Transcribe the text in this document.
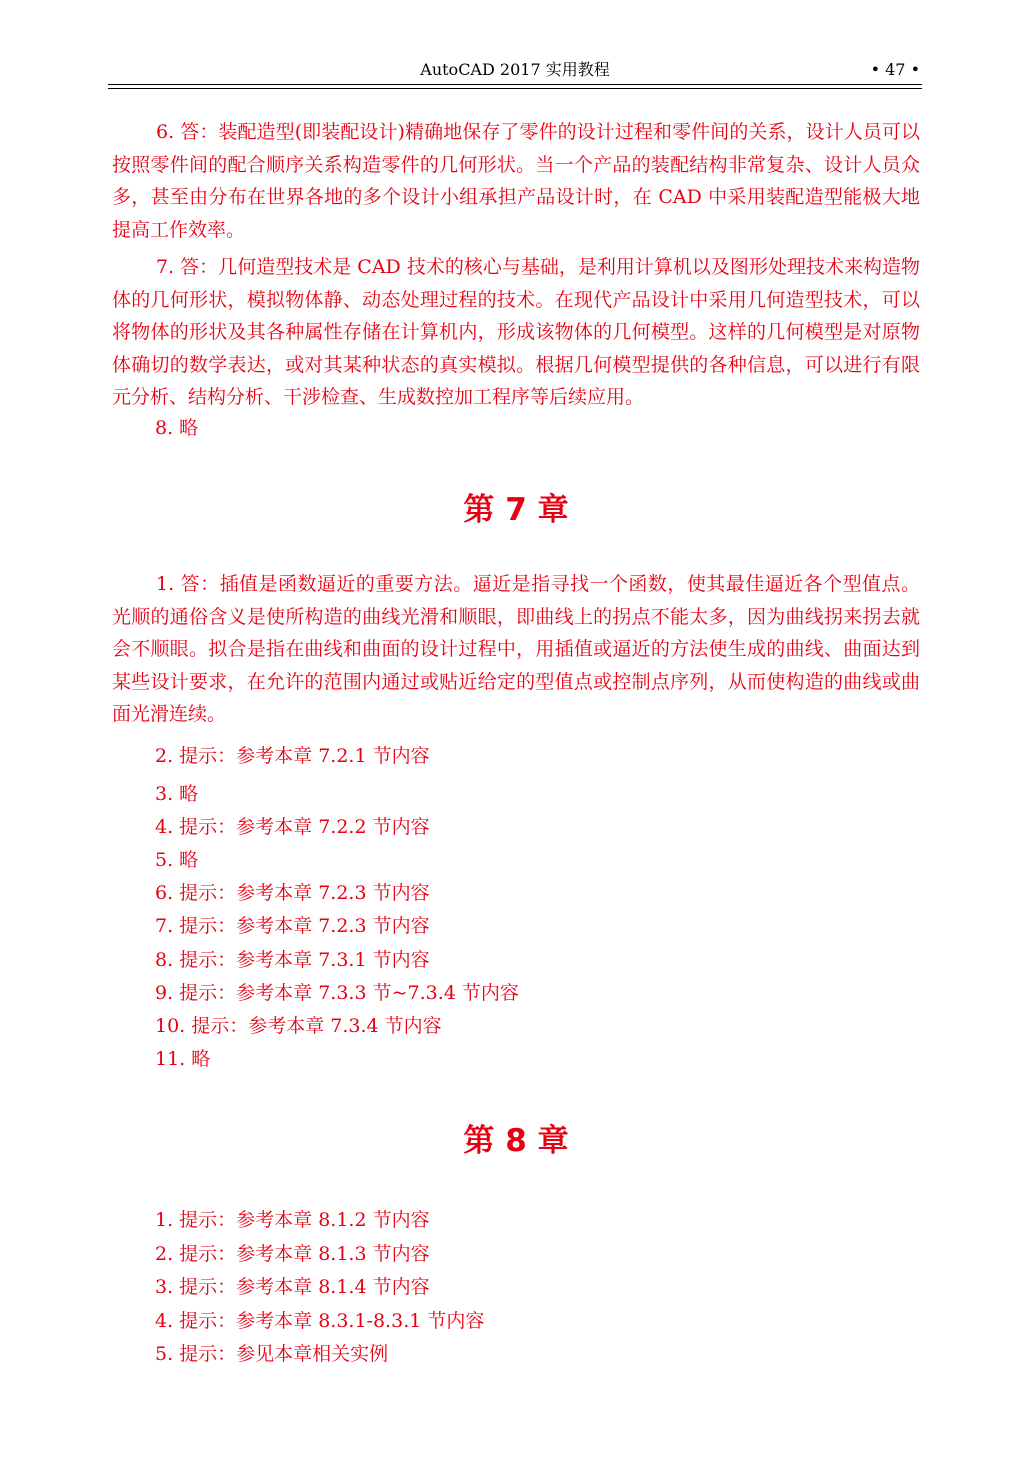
AutoCAD 2017 实用教程	• 47 •
6. 答：装配造型(即装配设计)精确地保存了零件的设计过程和零件间的关系，设计人员可以按照零件间的配合顺序关系构造零件的几何形状。当一个产品的装配结构非常复杂、设计人员众多，甚至由分布在世界各地的多个设计小组承担产品设计时，在 CAD 中采用装配造型能极大地提高工作效率。
7. 答：几何造型技术是 CAD 技术的核心与基础，是利用计算机以及图形处理技术来构造物体的几何形状，模拟物体静、动态处理过程的技术。在现代产品设计中采用几何造型技术，可以将物体的形状及其各种属性存储在计算机内，形成该物体的几何模型。这样的几何模型是对原物体确切的数学表达，或对其某种状态的真实模拟。根据几何模型提供的各种信息，可以进行有限元分析、结构分析、干涉检查、生成数控加工程序等后续应用。
8. 略
第 7 章
1. 答：插值是函数逼近的重要方法。逼近是指寻找一个函数，使其最佳逼近各个型值点。光顺的通俗含义是使所构造的曲线光滑和顺眼，即曲线上的拐点不能太多，因为曲线拐来拐去就会不顺眼。拟合是指在曲线和曲面的设计过程中，用插值或逼近的方法使生成的曲线、曲面达到某些设计要求，在允许的范围内通过或贴近给定的型值点或控制点序列，从而使构造的曲线或曲面光滑连续。
2. 提示：参考本章 7.2.1 节内容
3. 略
4. 提示：参考本章 7.2.2 节内容
5. 略
6. 提示：参考本章 7.2.3 节内容
7. 提示：参考本章 7.2.3 节内容
8. 提示：参考本章 7.3.1 节内容
9. 提示：参考本章 7.3.3 节~7.3.4 节内容
10. 提示：参考本章 7.3.4 节内容
11. 略
第 8 章
1. 提示：参考本章 8.1.2 节内容
2. 提示：参考本章 8.1.3 节内容
3. 提示：参考本章 8.1.4 节内容
4. 提示：参考本章 8.3.1-8.3.1 节内容
5. 提示：参见本章相关实例
